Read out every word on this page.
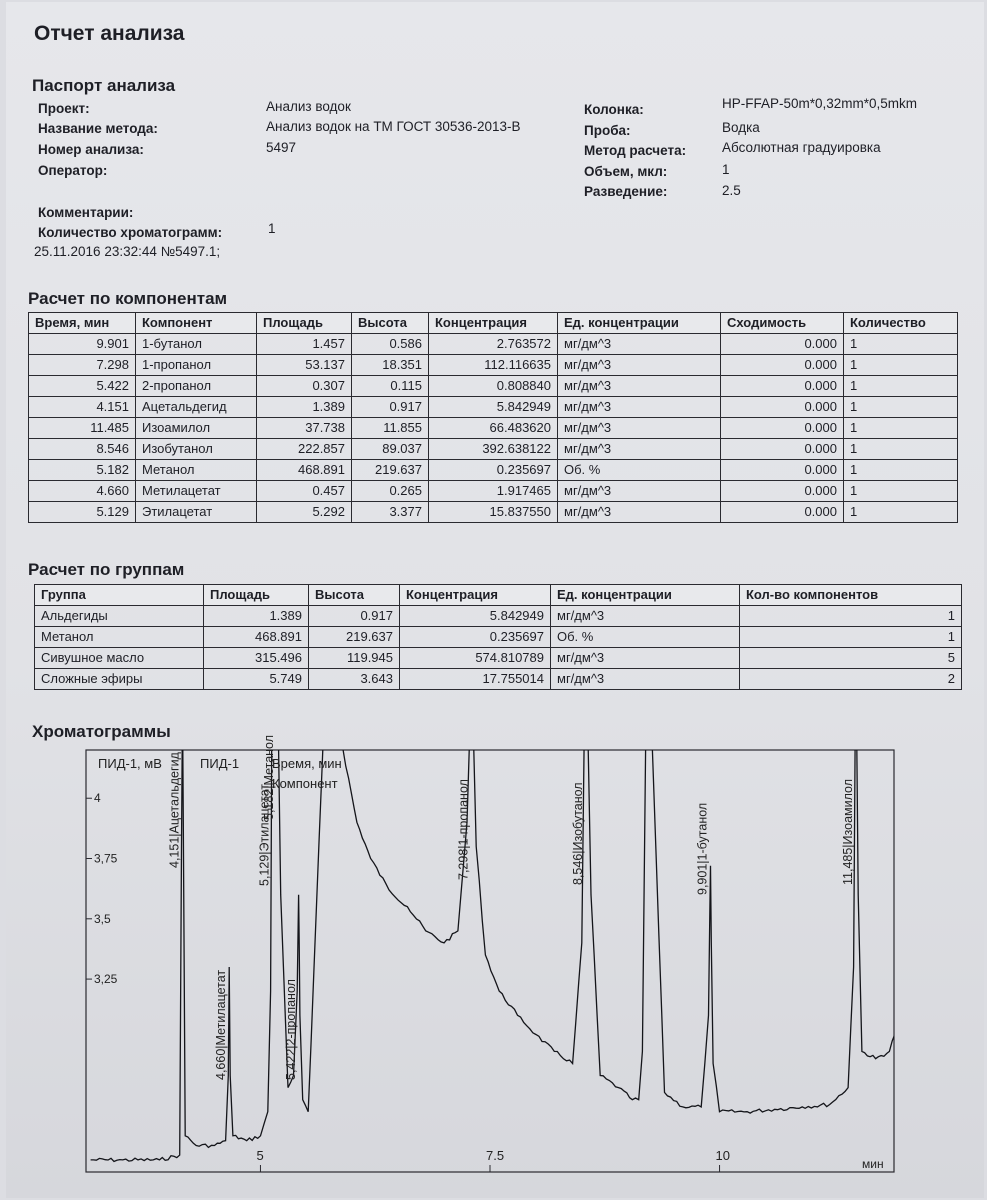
Отчет анализа
Паспорт анализа
Проект:	Анализ водок
Название метода:	Анализ водок на ТМ ГОСТ 30536-2013-В
Номер анализа:	5497
Оператор:
Колонка:	HP-FFAP-50m*0,32mm*0,5mkm
Проба:	Водка
Метод расчета:	Абсолютная градуировка
Объем, мкл:	1
Разведение:	2.5
Комментарии:
Количество хроматограмм:	1
25.11.2016 23:32:44 №5497.1;
Расчет по компонентам
Время, мин	Компонент	Площадь	Высота	Концентрация	Ед. концентрации	Сходимость	Количество
9.901	1-бутанол	1.457	0.586	2.763572	мг/дм^3	0.000	1
7.298	1-пропанол	53.137	18.351	112.116635	мг/дм^3	0.000	1
5.422	2-пропанол	0.307	0.115	0.808840	мг/дм^3	0.000	1
4.151	Ацетальдегид	1.389	0.917	5.842949	мг/дм^3	0.000	1
11.485	Изоамилол	37.738	11.855	66.483620	мг/дм^3	0.000	1
8.546	Изобутанол	222.857	89.037	392.638122	мг/дм^3	0.000	1
5.182	Метанол	468.891	219.637	0.235697	Об. %	0.000	1
4.660	Метилацетат	0.457	0.265	1.917465	мг/дм^3	0.000	1
5.129	Этилацетат	5.292	3.377	15.837550	мг/дм^3	0.000	1
Расчет по группам
Группа	Площадь	Высота	Концентрация	Ед. концентрации	Кол-во компонентов
Альдегиды	1.389	0.917	5.842949	мг/дм^3	1
Метанол	468.891	219.637	0.235697	Об. %	1
Сивушное масло	315.496	119.945	574.810789	мг/дм^3	5
Сложные эфиры	5.749	3.643	17.755014	мг/дм^3	2
Хроматограммы
3,25
3,5
3,75
4
5	7.5	10
4,151|Ацетальдегид
4,660|Метилацетат
5,129|Этилацетат
5,182|Метанол
5,422|2-пропанол
7,298|1-пропанол	8,546|Изобутанол	9,901|1-бутанол	11,485|Изоамилол
ПИД-1, мВ	ПИД-1	Время, мин
Компонент
мин
